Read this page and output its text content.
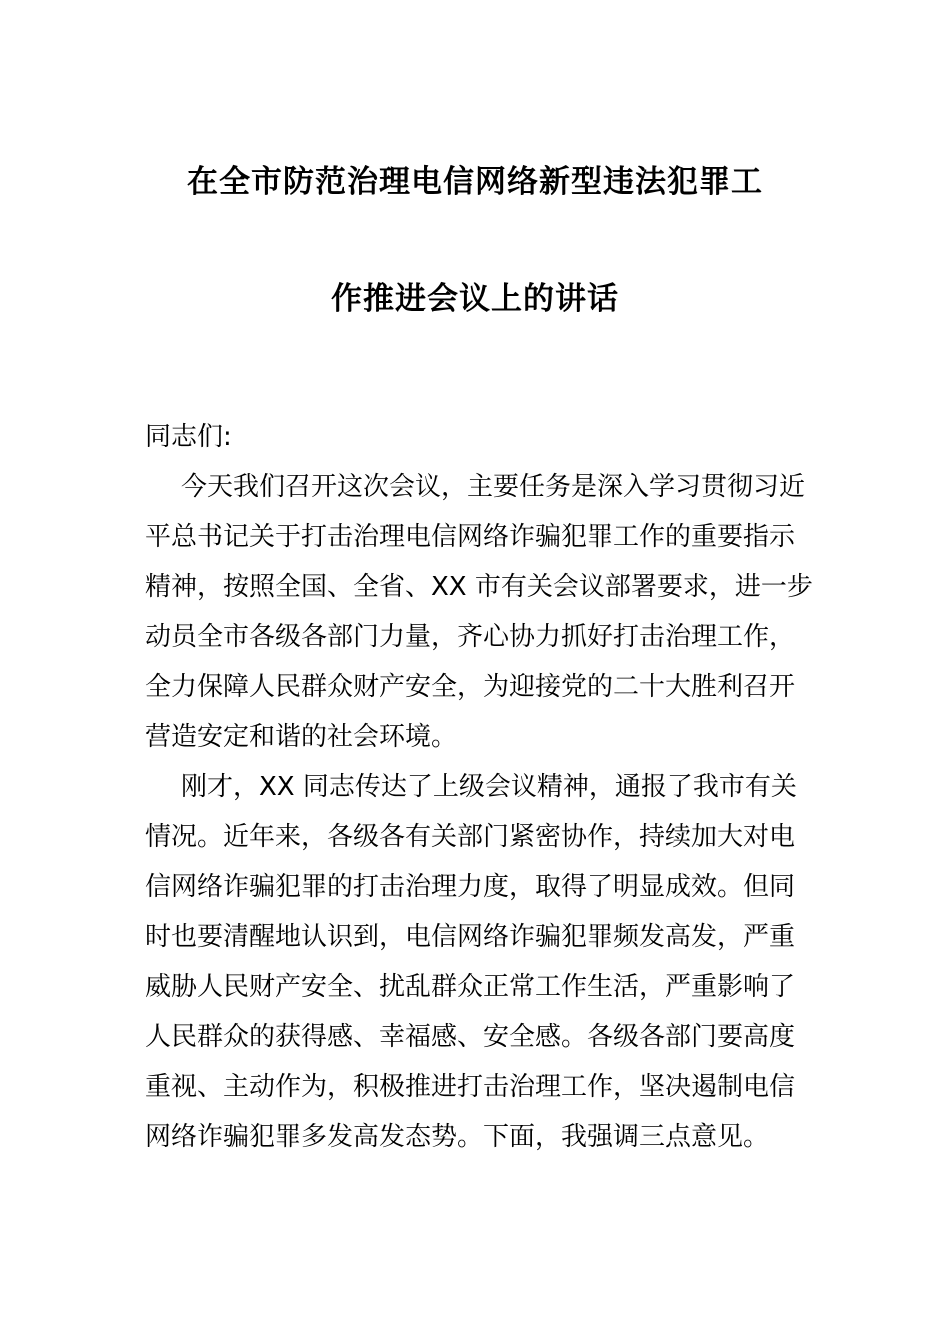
在全市防范治理电信网络新型违法犯罪工
作推进会议上的讲话
同志们:
今天我们召开这次会议，主要任务是深入学习贯彻习近
平总书记关于打击治理电信网络诈骗犯罪工作的重要指示
精神，按照全国、全省、XX 市有关会议部署要求，进一步
动员全市各级各部门力量，齐心协力抓好打击治理工作，
全力保障人民群众财产安全，为迎接党的二十大胜利召开
营造安定和谐的社会环境。
刚才，XX 同志传达了上级会议精神，通报了我市有关
情况。近年来，各级各有关部门紧密协作，持续加大对电
信网络诈骗犯罪的打击治理力度，取得了明显成效。但同
时也要清醒地认识到，电信网络诈骗犯罪频发高发，严重
威胁人民财产安全、扰乱群众正常工作生活，严重影响了
人民群众的获得感、幸福感、安全感。各级各部门要高度
重视、主动作为，积极推进打击治理工作，坚决遏制电信
网络诈骗犯罪多发高发态势。下面，我强调三点意见。
